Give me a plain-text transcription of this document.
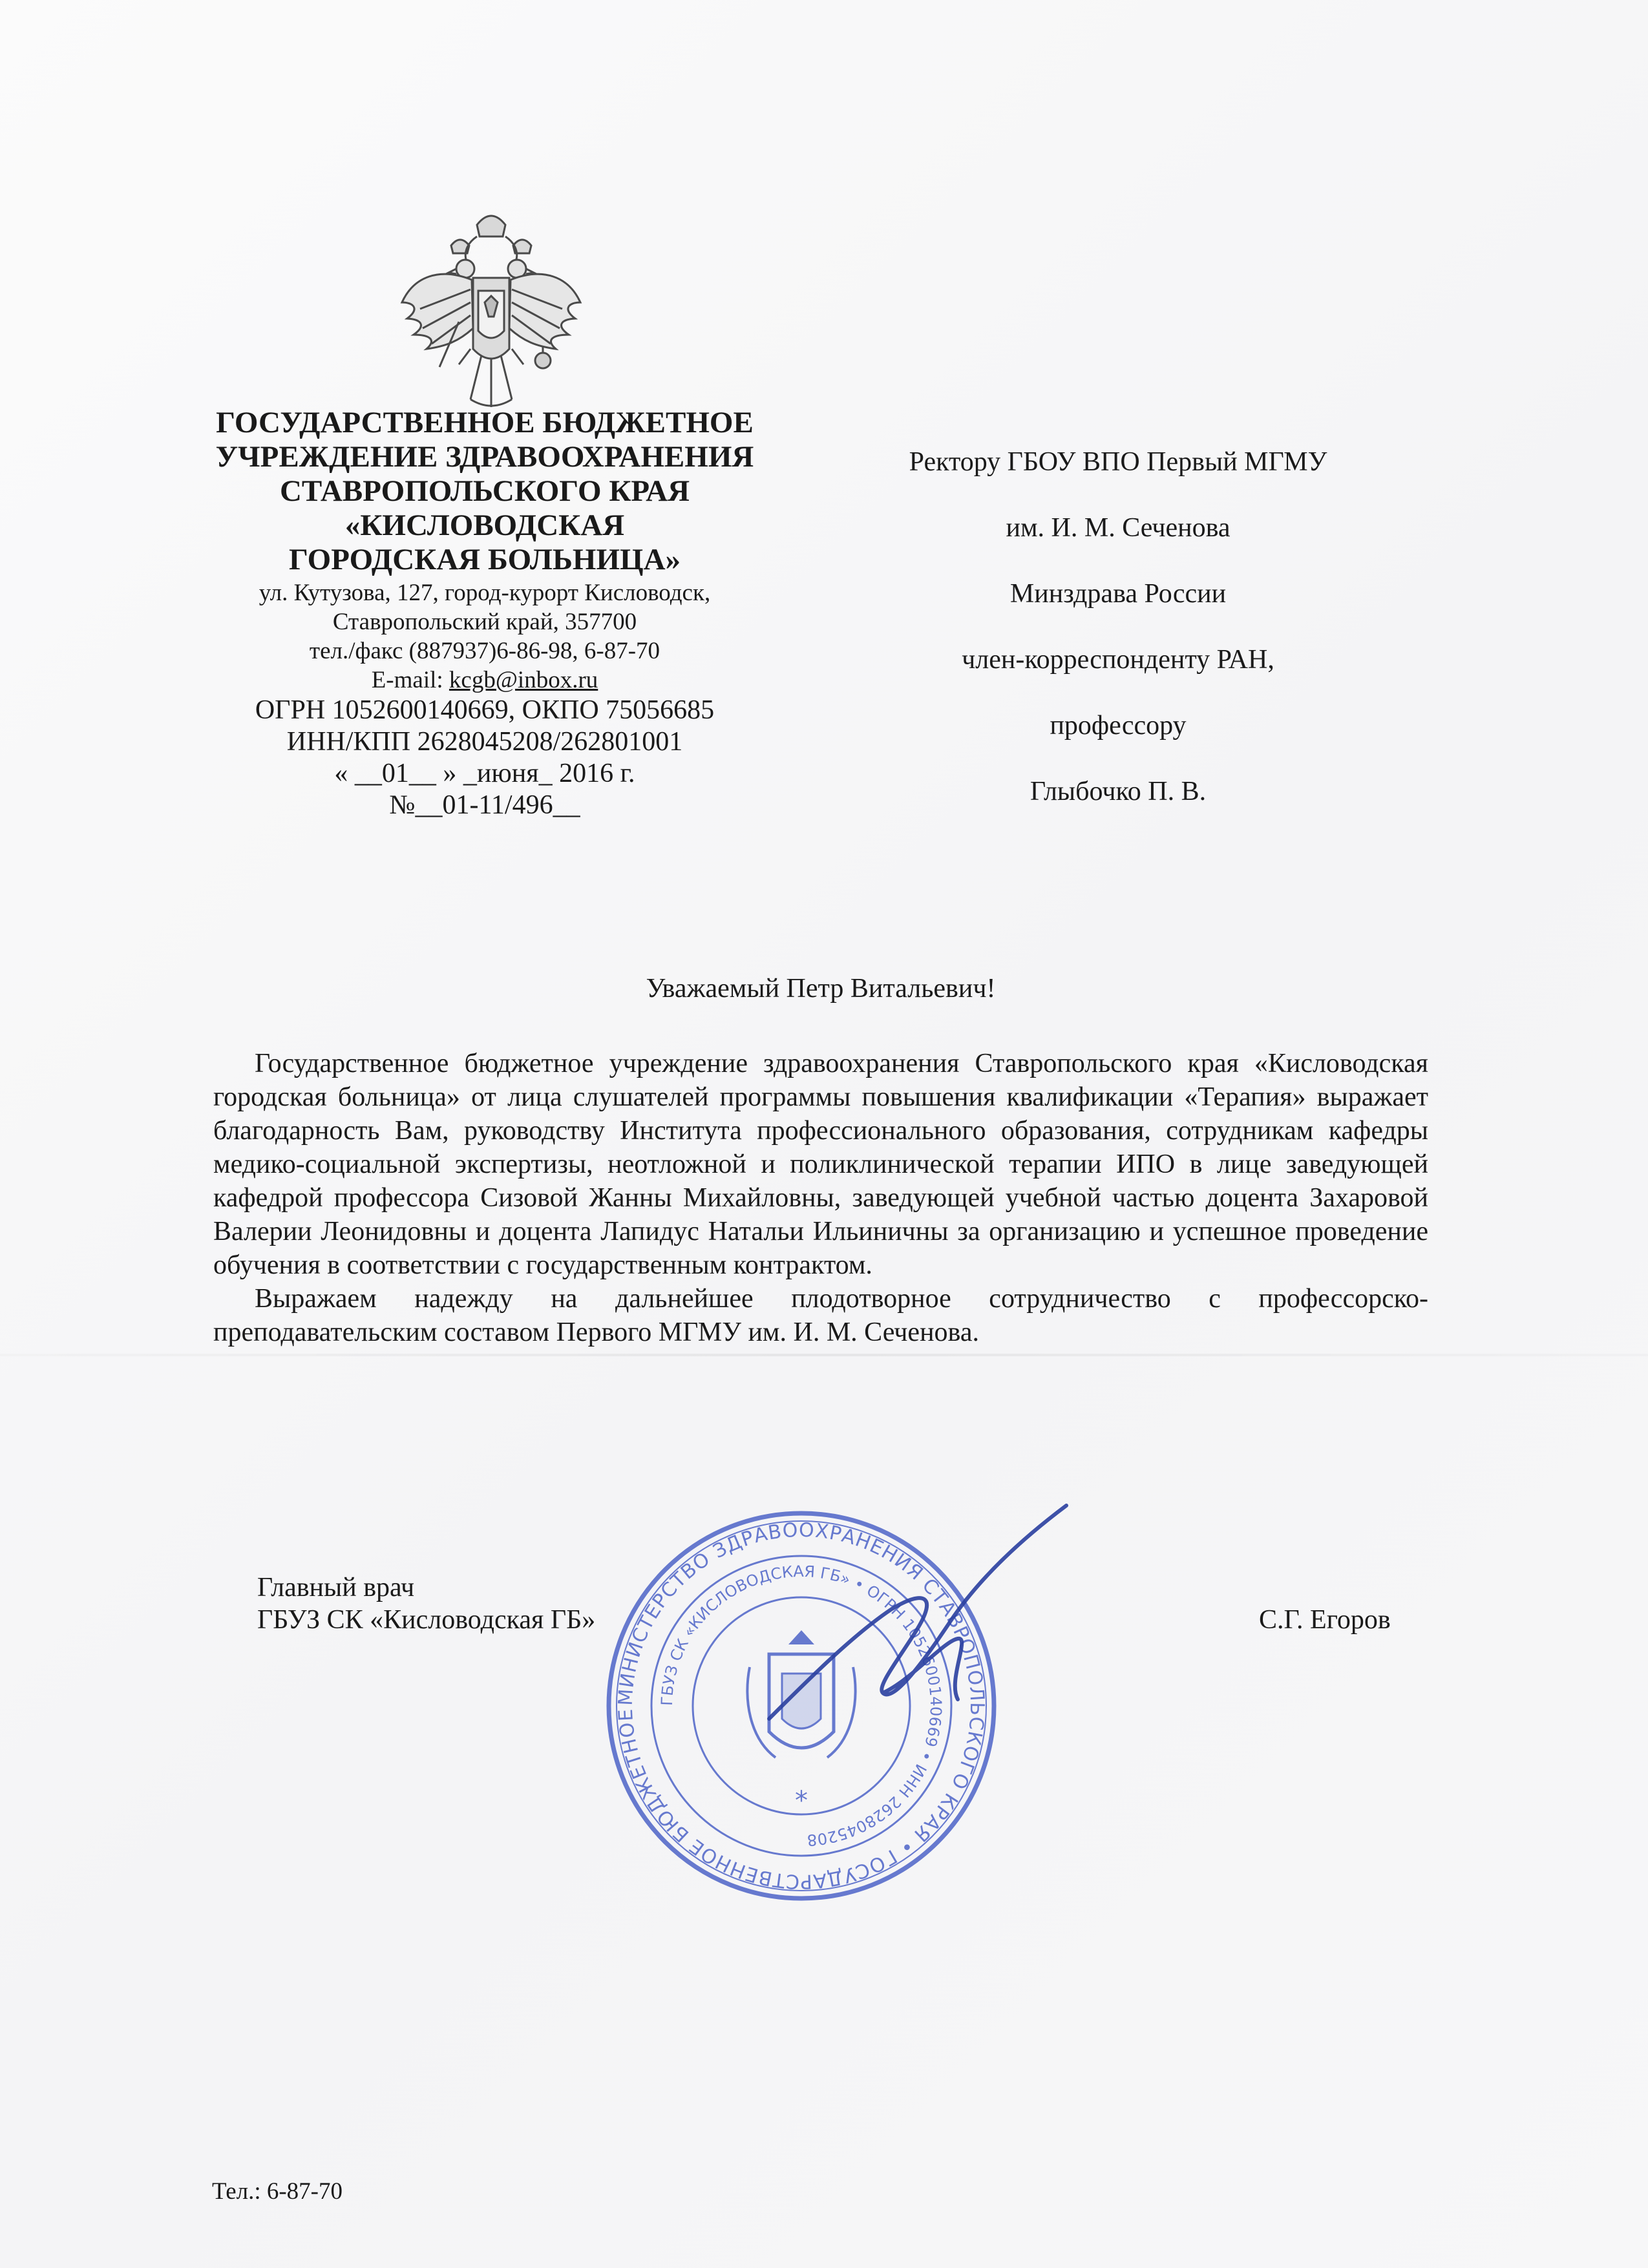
ГОСУДАРСТВЕННОЕ БЮДЖЕТНОЕ
УЧРЕЖДЕНИЕ ЗДРАВООХРАНЕНИЯ
СТАВРОПОЛЬСКОГО КРАЯ
«КИСЛОВОДСКАЯ
ГОРОДСКАЯ БОЛЬНИЦА»
ул. Кутузова, 127, город-курорт Кисловодск,
Ставропольский край, 357700
тел./факс (887937)6-86-98, 6-87-70
E-mail: kcgb@inbox.ru
ОГРН 1052600140669, ОКПО 75056685
ИНН/КПП 2628045208/262801001
« __01__ » _июня_ 2016 г.
№__01-11/496__
Ректору ГБОУ ВПО Первый МГМУ
им. И. М. Сеченова
Минздрава России
член-корреспонденту РАН,
профессору
Глыбочко П. В.
Уважаемый Петр Витальевич!

Государственное бюджетное учреждение здравоохранения Ставропольского края «Кисловодская городская больница» от лица слушателей программы повышения квалификации «Терапия» выражает благодарность Вам, руководству Института профессионального образования, сотрудникам кафедры медико-социальной экспертизы, неотложной и поликлинической терапии ИПО в лице заведующей кафедрой профессора Сизовой Жанны Михайловны, заведующей учебной частью доцента Захаровой Валерии Леонидовны и доцента Лапидус Натальи Ильиничны за организацию и успешное проведение обучения в соответствии с государственным контрактом.

Выражаем надежду на дальнейшее плодотворное сотрудничество с профессорско-преподавательским составом Первого МГМУ им. И. М. Сеченова.

МИНИСТЕРСТВО ЗДРАВООХРАНЕНИЯ СТАВРОПОЛЬСКОГО КРАЯ • ГОСУДАРСТВЕННОЕ БЮДЖЕТНОЕ
ГБУЗ СК «КИСЛОВОДСКАЯ ГБ» • ОГРН 1052600140669 • ИНН 2628045208
*
Главный врач
ГБУЗ СК «Кисловодская ГБ»	С.Г. Егоров
Тел.: 6-87-70
